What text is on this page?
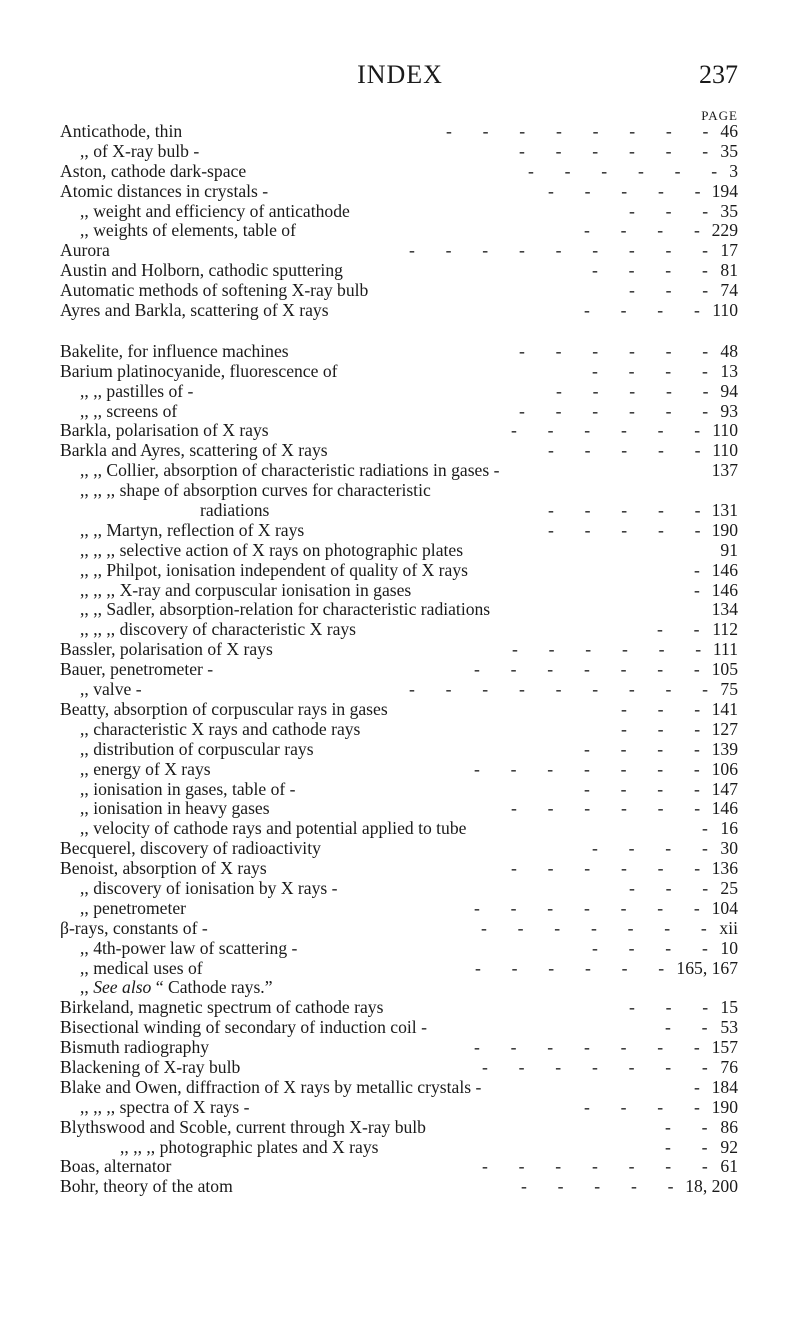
INDEX	237
PAGE
Anticathode, thin	-       -       -       -       -       -       -       - 46
,, of X-ray bulb -	-       -       -       -       -       - 35
Aston, cathode dark-space	-       -       -       -       -       - 3
Atomic distances in crystals -	-       -       -       -       - 194
,, weight and efficiency of anticathode	-       -       - 35
,, weights of elements, table of	-       -       -       - 229
Aurora	-       -       -       -       -       -       -       -       - 17
Austin and Holborn, cathodic sputtering	-       -       -       - 81
Automatic methods of softening X-ray bulb	-       -       - 74
Ayres and Barkla, scattering of X rays	-       -       -       - 110
Bakelite, for influence machines	-       -       -       -       -       - 48
Barium platinocyanide, fluorescence of	-       -       -       - 13
,, ,, pastilles of -	-       -       -       -       - 94
,, ,, screens of	-       -       -       -       -       - 93
Barkla, polarisation of X rays	-       -       -       -       -       - 110
Barkla and Ayres, scattering of X rays	-       -       -       -       - 110
,, ,, Collier, absorption of characteristic radiations in gases -	137
,, ,, ,, shape of absorption curves for characteristic
radiations	-       -       -       -       - 131
,, ,, Martyn, reflection of X rays	-       -       -       -       - 190
,, ,, ,, selective action of X rays on photographic plates	91
,, ,, Philpot, ionisation independent of quality of X rays	- 146
,, ,, ,, X-ray and corpuscular ionisation in gases	- 146
,, ,, Sadler, absorption-relation for characteristic radiations	134
,, ,, ,, discovery of characteristic X rays	-       - 112
Bassler, polarisation of X rays	-       -       -       -       -       - 111
Bauer, penetrometer -	-       -       -       -       -       -       - 105
,, valve -	-       -       -       -       -       -       -       -       - 75
Beatty, absorption of corpuscular rays in gases	-       -       - 141
,, characteristic X rays and cathode rays	-       -       - 127
,, distribution of corpuscular rays	-       -       -       - 139
,, energy of X rays	-       -       -       -       -       -       - 106
,, ionisation in gases, table of -	-       -       -       - 147
,, ionisation in heavy gases	-       -       -       -       -       - 146
,, velocity of cathode rays and potential applied to tube	- 16
Becquerel, discovery of radioactivity	-       -       -       - 30
Benoist, absorption of X rays	-       -       -       -       -       - 136
,, discovery of ionisation by X rays -	-       -       - 25
,, penetrometer	-       -       -       -       -       -       - 104
β-rays, constants of -	-       -       -       -       -       -       - xii
,, 4th-power law of scattering -	-       -       -       - 10
,, medical uses of	-       -       -       -       -       - 165, 167
,, See also “ Cathode rays.”
Birkeland, magnetic spectrum of cathode rays	-       -       - 15
Bisectional winding of secondary of induction coil -	-       - 53
Bismuth radiography	-       -       -       -       -       -       - 157
Blackening of X-ray bulb	-       -       -       -       -       -       - 76
Blake and Owen, diffraction of X rays by metallic crystals -	- 184
,, ,, ,, spectra of X rays -	-       -       -       - 190
Blythswood and Scoble, current through X-ray bulb	-       - 86
,, ,, ,, photographic plates and X rays	-       - 92
Boas, alternator	-       -       -       -       -       -       - 61
Bohr, theory of the atom	-       -       -       -       - 18, 200
